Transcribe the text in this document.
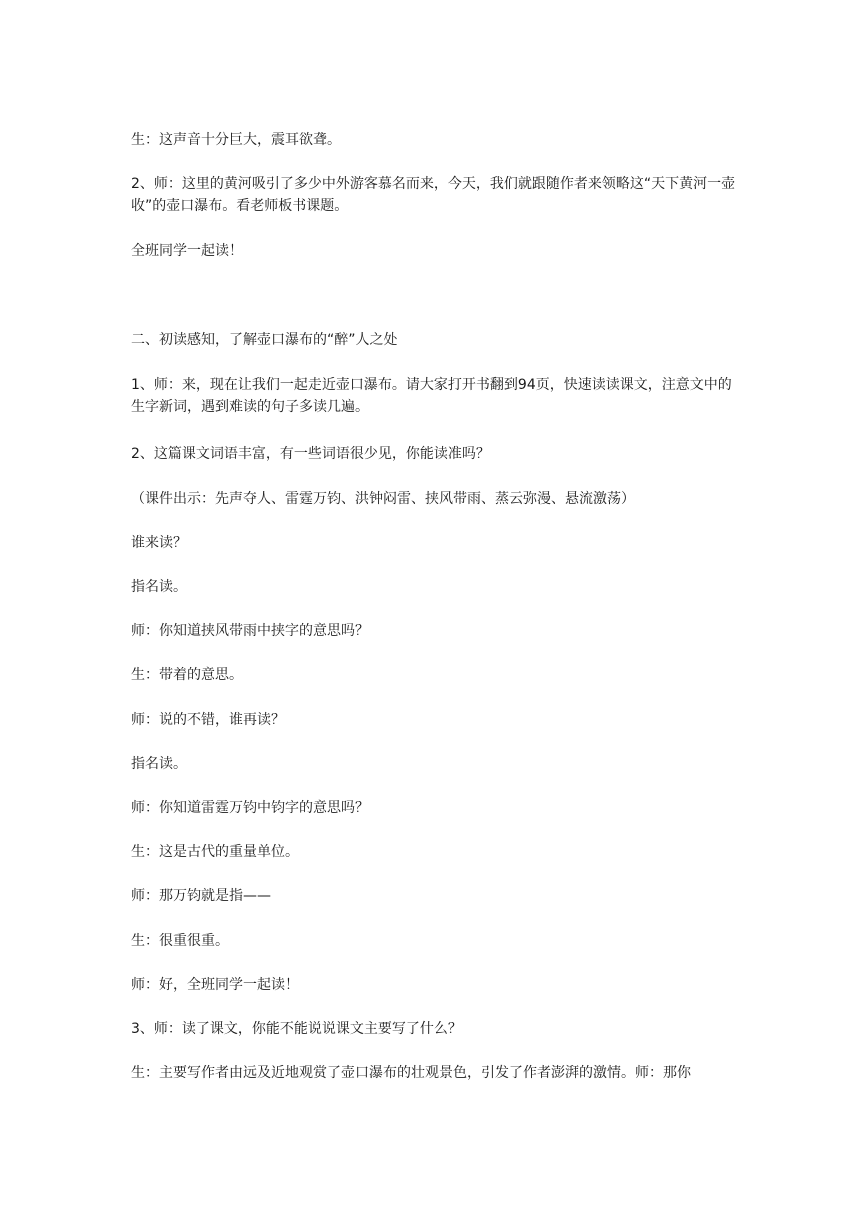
生：这声音十分巨大，震耳欲聋。

2、师：这里的黄河吸引了多少中外游客慕名而来，今天，我们就跟随作者来领略这“天下黄河一壶收”的壶口瀑布。看老师板书课题。

全班同学一起读！

二、初读感知，了解壶口瀑布的“醉”人之处

1、师：来，现在让我们一起走近壶口瀑布。请大家打开书翻到94页，快速读读课文，注意文中的生字新词，遇到难读的句子多读几遍。

2、这篇课文词语丰富，有一些词语很少见，你能读准吗？

（课件出示：先声夺人、雷霆万钧、洪钟闷雷、挟风带雨、蒸云弥漫、悬流激荡）

谁来读？

指名读。

师：你知道挟风带雨中挟字的意思吗？

生：带着的意思。

师：说的不错，谁再读？

指名读。

师：你知道雷霆万钧中钧字的意思吗？

生：这是古代的重量单位。

师：那万钧就是指——

生：很重很重。

师：好，全班同学一起读！

3、师：读了课文，你能不能说说课文主要写了什么？

生：主要写作者由远及近地观赏了壶口瀑布的壮观景色，引发了作者澎湃的激情。师：那你
